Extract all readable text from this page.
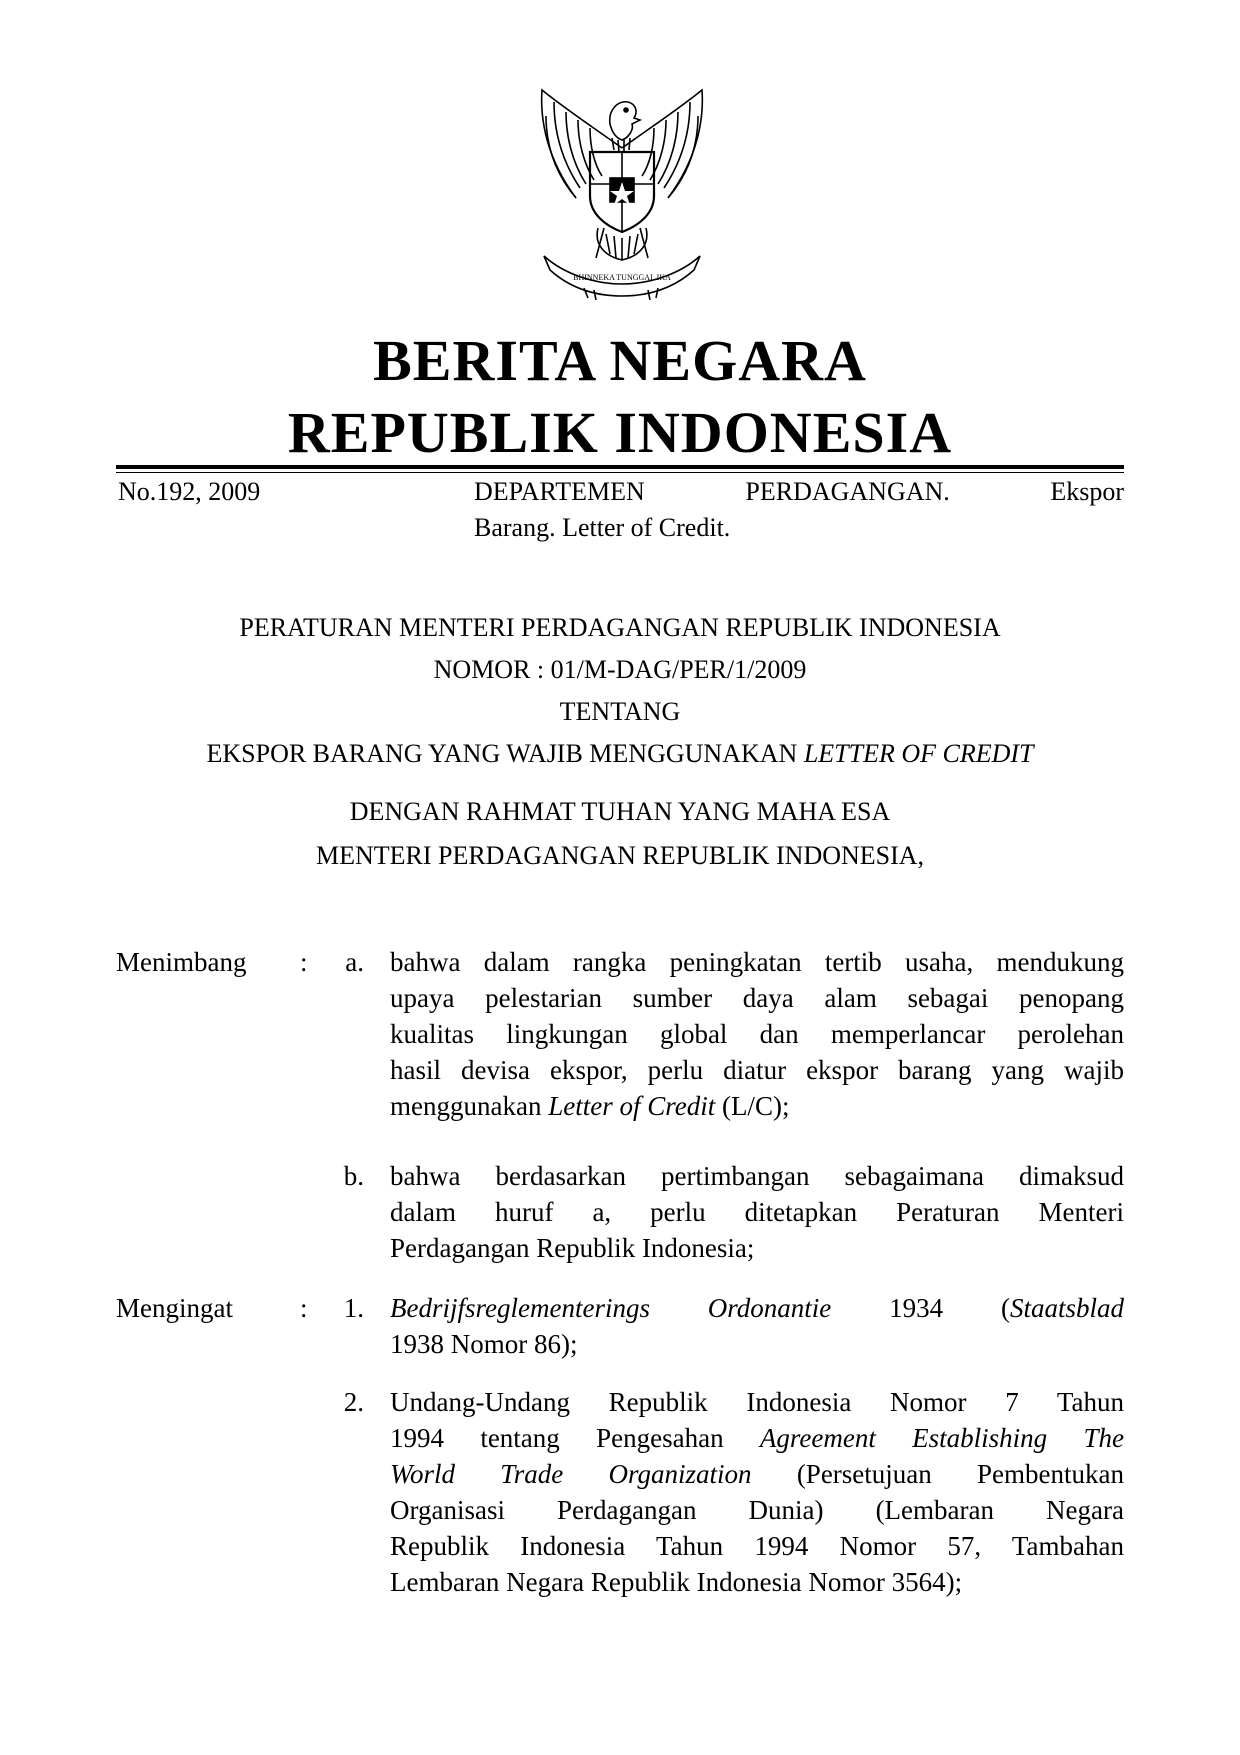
BHINNEKA TUNGGAL IKA
BERITA NEGARA
REPUBLIK INDONESIA
No.192, 2009	DEPARTEMEN PERDAGANGAN. Ekspor
Barang. Letter of Credit.
PERATURAN MENTERI PERDAGANGAN REPUBLIK INDONESIA
NOMOR : 01/M-DAG/PER/1/2009
TENTANG
EKSPOR BARANG YANG WAJIB MENGGUNAKAN LETTER OF CREDIT
DENGAN RAHMAT TUHAN YANG MAHA ESA
MENTERI PERDAGANGAN REPUBLIK INDONESIA,
Menimbang :	a. bahwa dalam rangka peningkatan tertib usaha, mendukung
upaya pelestarian sumber daya alam sebagai penopang
kualitas lingkungan global dan memperlancar perolehan
hasil devisa ekspor, perlu diatur ekspor barang yang wajib
menggunakan Letter of Credit (L/C);
b. bahwa berdasarkan pertimbangan sebagaimana dimaksud
dalam huruf a, perlu ditetapkan Peraturan Menteri
Perdagangan Republik Indonesia;
Mengingat :	1. Bedrijfsreglementerings Ordonantie 1934 (Staatsblad
1938 Nomor 86);
2. Undang-Undang Republik Indonesia Nomor 7 Tahun
1994 tentang Pengesahan Agreement Establishing The
World Trade Organization (Persetujuan Pembentukan
Organisasi Perdagangan Dunia) (Lembaran Negara
Republik Indonesia Tahun 1994 Nomor 57, Tambahan
Lembaran Negara Republik Indonesia Nomor 3564);
